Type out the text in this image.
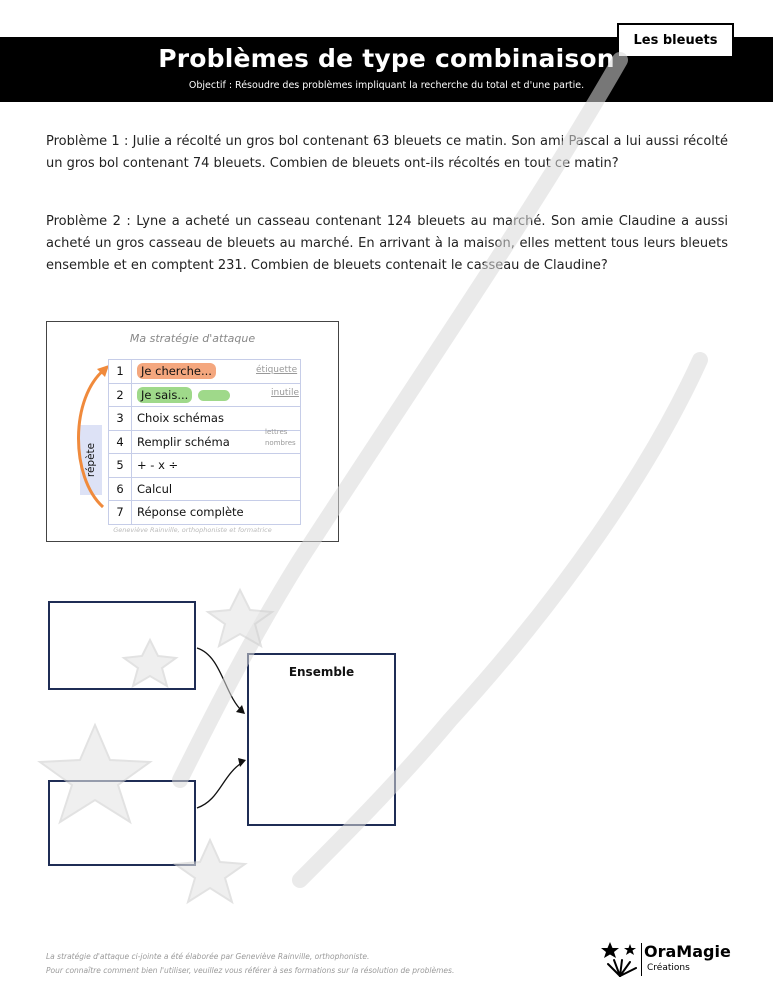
Problèmes de type combinaison
Objectif : Résoudre des problèmes impliquant la recherche du total et d'une partie.
Les bleuets

Problème 1 : Julie a récolté un gros bol contenant 63 bleuets ce matin. Son ami Pascal a lui aussi récolté un gros bol contenant 74 bleuets. Combien de bleuets ont-ils récoltés en tout ce matin?

Problème 2 : Lyne a acheté un casseau contenant 124 bleuets au marché. Son amie Claudine a aussi acheté un gros casseau de bleuets au marché. En arrivant à la maison, elles mettent tous leurs bleuets ensemble et en comptent 231. Combien de bleuets contenait le casseau de Claudine?

Ma stratégie d'attaque
répète
1	Je cherche...
2	Je sais...
3	Choix schémas
4	Remplir schéma
5	+ - x ÷
6	Calcul
7	Réponse complète
étiquette
inutile
lettres
nombres
Geneviève Rainville, orthophoniste et formatrice
Ensemble
La stratégie d'attaque ci-jointe a été élaborée par Geneviève Rainville, orthophoniste.
Pour connaître comment bien l'utiliser, veuillez vous référer à ses formations sur la résolution de problèmes.
OraMagie
Créations
